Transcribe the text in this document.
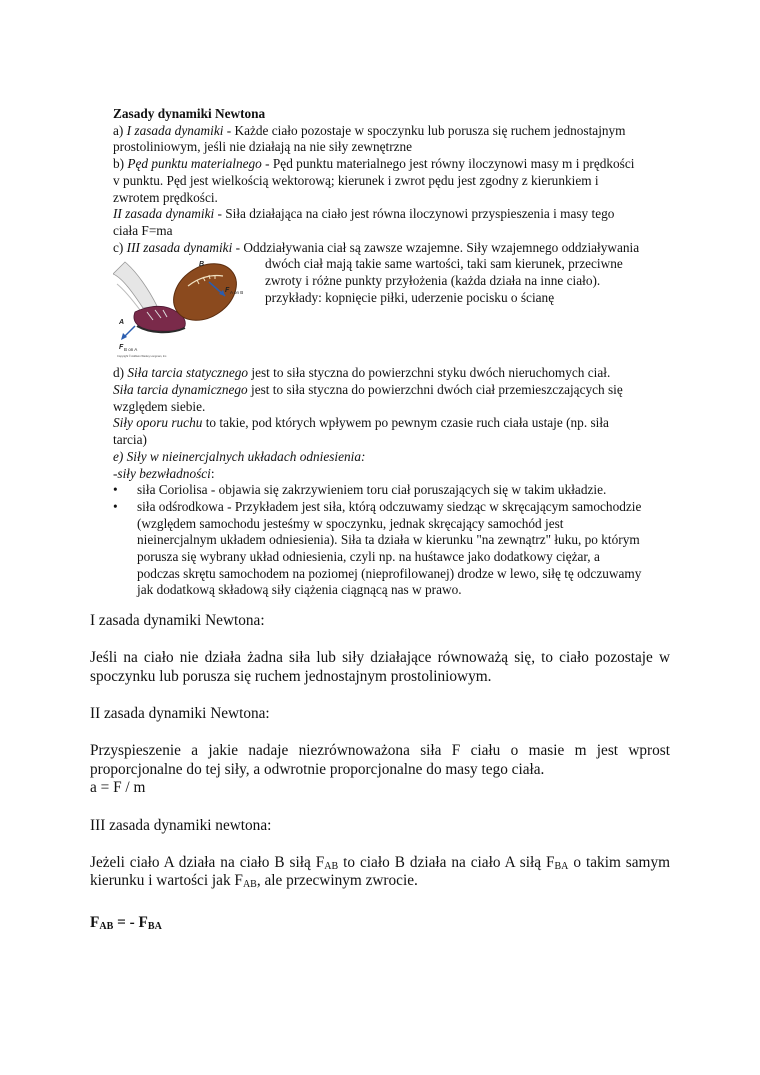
Zasady dynamiki Newtona

a) I zasada dynamiki - Każde ciało pozostaje w spoczynku lub porusza się ruchem jednostajnym

prostoliniowym, jeśli nie działają na nie siły zewnętrzne

b) Pęd punktu materialnego - Pęd punktu materialnego jest równy iloczynowi masy m i prędkości

v punktu. Pęd jest wielkością wektorową; kierunek i zwrot pędu jest zgodny z kierunkiem i

zwrotem prędkości.

II zasada dynamiki - Siła działająca na ciało jest równa iloczynowi przyspieszenia i masy tego

ciała F=ma

c) III zasada dynamiki - Oddziaływania ciał są zawsze wzajemne. Siły wzajemnego oddziaływania

B
A
F A on B
F B on A
Copyright © Addison Wesley Longman, Inc.

dwóch ciał mają takie same wartości, taki sam kierunek, przeciwne

zwroty i różne punkty przyłożenia (każda działa na inne ciało).

przykłady: kopnięcie piłki, uderzenie pocisku o ścianę

d) Siła tarcia statycznego jest to siła styczna do powierzchni styku dwóch nieruchomych ciał.

Siła tarcia dynamicznego jest to siła styczna do powierzchni dwóch ciał przemieszczających się

względem siebie.

Siły oporu ruchu to takie, pod których wpływem po pewnym czasie ruch ciała ustaje (np. siła

tarcia)

e) Siły w nieinercjalnych układach odniesienia:

-siły bezwładności:

• siła Coriolisa - objawia się zakrzywieniem toru ciał poruszających się w takim układzie.
• siła odśrodkowa - Przykładem jest siła, którą odczuwamy siedząc w skręcającym samochodzie
(względem samochodu jesteśmy w spoczynku, jednak skręcający samochód jest
nieinercjalnym układem odniesienia). Siła ta działa w kierunku "na zewnątrz" łuku, po którym
porusza się wybrany układ odniesienia, czyli np. na huśtawce jako dodatkowy ciężar, a
podczas skrętu samochodem na poziomej (nieprofilowanej) drodze w lewo, siłę tę odczuwamy
jak dodatkową składową siły ciążenia ciągnącą nas w prawo.

I zasada dynamiki Newtona:

Jeśli na ciało nie działa żadna siła lub siły działające równoważą się, to ciało pozostaje w spoczynku lub porusza się ruchem jednostajnym prostoliniowym.

II zasada dynamiki Newtona:

Przyspieszenie a jakie nadaje niezrównoważona siła F ciału o masie m jest wprost proporcjonalne do tej siły, a odwrotnie proporcjonalne do masy tego ciała.

a = F / m

III zasada dynamiki newtona:

Jeżeli ciało A działa na ciało B siłą $F_{AB}$ to ciało B działa na ciało A siłą $F_{BA}$ o takim samym kierunku i wartości jak $F_{AB}$, ale przecwinym zwrocie.

$F_{AB}$ = - $F_{BA}$
